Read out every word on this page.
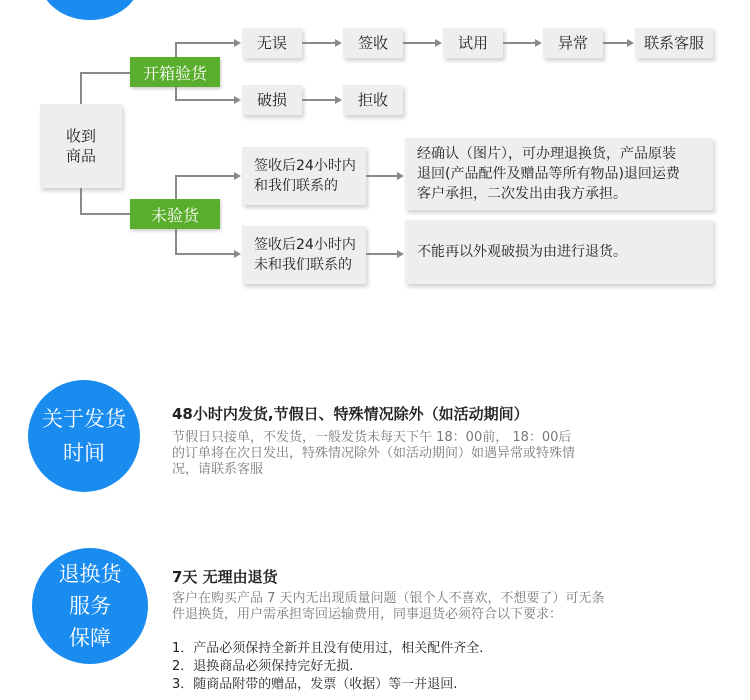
收到
商品
开箱验货
未验货
无误	签收	试用	异常	联系客服
破损	拒收
签收后24小时内
和我们联系的
签收后24小时内
未和我们联系的
经确认（图片），可办理退换货，产品原装
退回(产品配件及赠品等所有物品)退回运费
客户承担，二次发出由我方承担。
不能再以外观破损为由进行退货。
关于发货
时间
48小时内发货,节假日、特殊情况除外（如活动期间）
节假日只接单，不发货，一般发货未每天下午 18：00前， 18：00后
的订单将在次日发出，特殊情况除外（如活动期间）如遇异常或特殊情
况，请联系客服
退换货
服务
保障
7天 无理由退货
客户在购买产品 7 天内无出现质量问题（银个人不喜欢，不想要了）可无条
件退换货，用户需承担寄回运输费用，同事退货必须符合以下要求：
1．产品必须保持全新并且没有使用过，相关配件齐全.
2．退换商品必须保持完好无损.
3．随商品附带的赠品，发票（收据）等一并退回.
